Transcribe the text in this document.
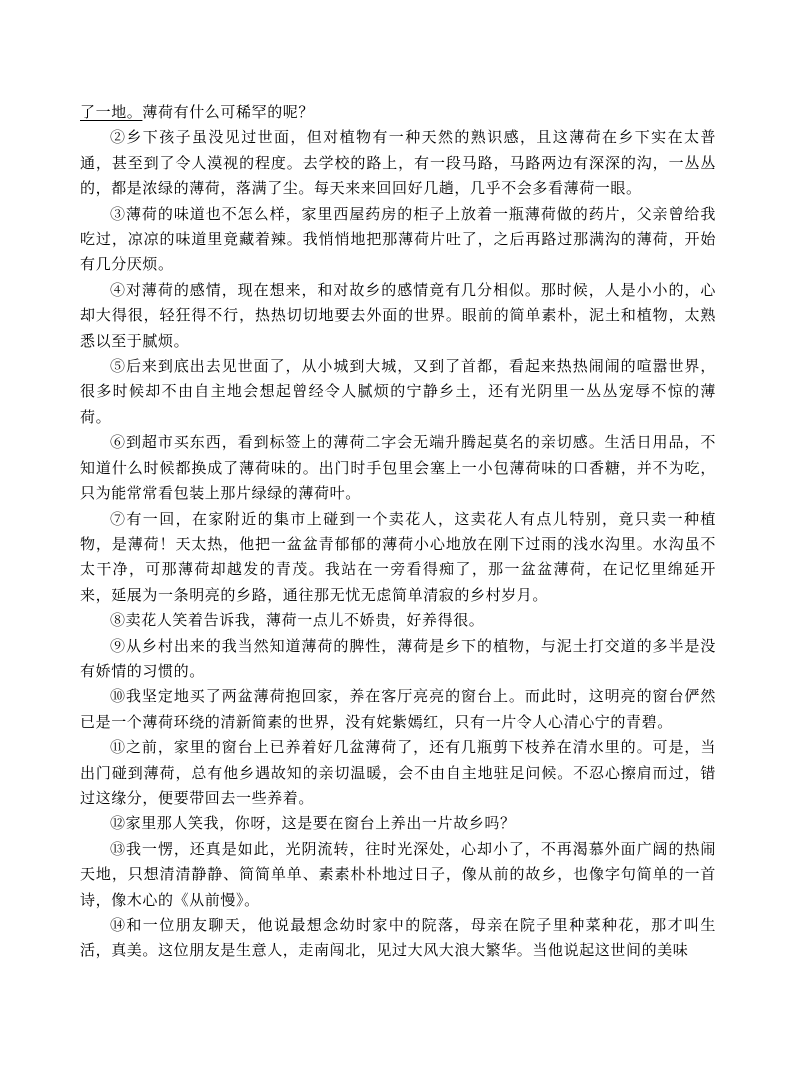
了一地。薄荷有什么可稀罕的呢？

②乡下孩子虽没见过世面，但对植物有一种天然的熟识感，且这薄荷在乡下实在太普通，甚至到了令人漠视的程度。去学校的路上，有一段马路，马路两边有深深的沟，一丛丛的，都是浓绿的薄荷，落满了尘。每天来来回回好几趟，几乎不会多看薄荷一眼。

③薄荷的味道也不怎么样，家里西屋药房的柜子上放着一瓶薄荷做的药片，父亲曾给我吃过，凉凉的味道里竟藏着辣。我悄悄地把那薄荷片吐了，之后再路过那满沟的薄荷，开始有几分厌烦。

④对薄荷的感情，现在想来，和对故乡的感情竟有几分相似。那时候，人是小小的，心却大得很，轻狂得不行，热热切切地要去外面的世界。眼前的简单素朴，泥土和植物，太熟悉以至于腻烦。

⑤后来到底出去见世面了，从小城到大城，又到了首都，看起来热热闹闹的喧嚣世界，很多时候却不由自主地会想起曾经令人腻烦的宁静乡土，还有光阴里一丛丛宠辱不惊的薄荷。

⑥到超市买东西，看到标签上的薄荷二字会无端升腾起莫名的亲切感。生活日用品，不知道什么时候都换成了薄荷味的。出门时手包里会塞上一小包薄荷味的口香糖，并不为吃，只为能常常看包装上那片绿绿的薄荷叶。

⑦有一回，在家附近的集市上碰到一个卖花人，这卖花人有点儿特别，竟只卖一种植物，是薄荷！天太热，他把一盆盆青郁郁的薄荷小心地放在刚下过雨的浅水沟里。水沟虽不太干净，可那薄荷却越发的青茂。我站在一旁看得痴了，那一盆盆薄荷，在记忆里绵延开来，延展为一条明亮的乡路，通往那无忧无虑简单清寂的乡村岁月。

⑧卖花人笑着告诉我，薄荷一点儿不娇贵，好养得很。

⑨从乡村出来的我当然知道薄荷的脾性，薄荷是乡下的植物，与泥土打交道的多半是没有娇情的习惯的。

⑩我坚定地买了两盆薄荷抱回家，养在客厅亮亮的窗台上。而此时，这明亮的窗台俨然已是一个薄荷环绕的清新简素的世界，没有姹紫嫣红，只有一片令人心清心宁的青碧。

⑪之前，家里的窗台上已养着好几盆薄荷了，还有几瓶剪下枝养在清水里的。可是，当出门碰到薄荷，总有他乡遇故知的亲切温暖，会不由自主地驻足问候。不忍心擦肩而过，错过这缘分，便要带回去一些养着。

⑫家里那人笑我，你呀，这是要在窗台上养出一片故乡吗？

⑬我一愣，还真是如此，光阴流转，往时光深处，心却小了，不再渴慕外面广阔的热闹天地，只想清清静静、简简单单、素素朴朴地过日子，像从前的故乡，也像字句简单的一首诗，像木心的《从前慢》。

⑭和一位朋友聊天，他说最想念幼时家中的院落，母亲在院子里种菜种花，那才叫生活，真美。这位朋友是生意人，走南闯北，见过大风大浪大繁华。当他说起这世间的美味
